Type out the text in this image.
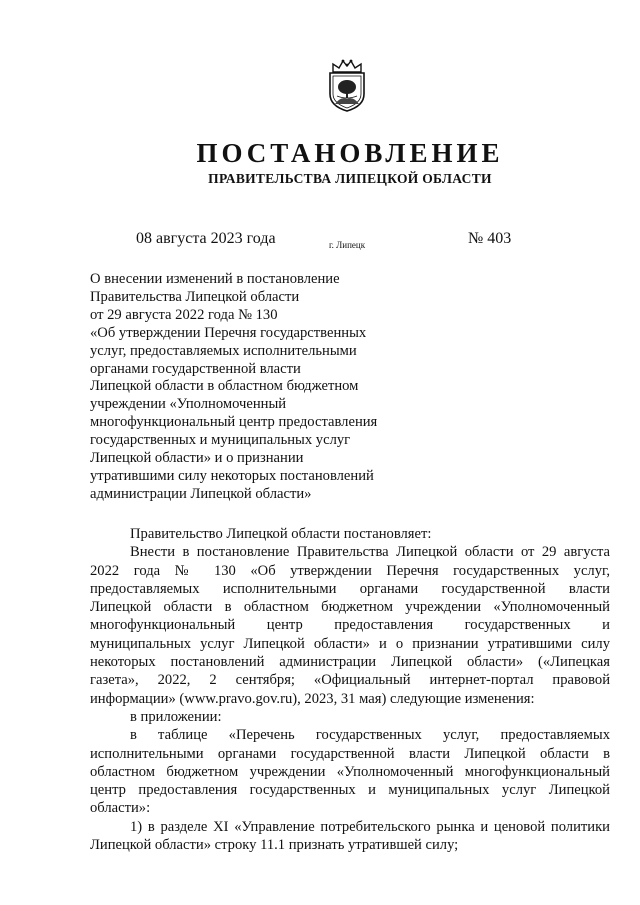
ПОСТАНОВЛЕНИЕ
ПРАВИТЕЛЬСТВА ЛИПЕЦКОЙ ОБЛАСТИ
08 августа 2023 года	г. Липецк	№ 403
О внесении изменений в постановление
Правительства Липецкой области
от 29 августа 2022 года № 130
«Об утверждении Перечня государственных
услуг, предоставляемых исполнительными
органами государственной власти
Липецкой области в областном бюджетном
учреждении «Уполномоченный
многофункциональный центр предоставления
государственных и муниципальных услуг
Липецкой области» и о признании
утратившими силу некоторых постановлений
администрации Липецкой области»
Правительство Липецкой области постановляет:
Внести в постановление Правительства Липецкой области от 29 августа
2022 года № 130 «Об утверждении Перечня государственных услуг,
предоставляемых исполнительными органами государственной власти
Липецкой области в областном бюджетном учреждении «Уполномоченный
многофункциональный центр предоставления государственных и
муниципальных услуг Липецкой области» и о признании утратившими силу
некоторых постановлений администрации Липецкой области» («Липецкая
газета», 2022, 2 сентября; «Официальный интернет-портал правовой
информации» (www.pravo.gov.ru), 2023, 31 мая) следующие изменения:
в приложении:
в таблице «Перечень государственных услуг, предоставляемых
исполнительными органами государственной власти Липецкой области в
областном бюджетном учреждении «Уполномоченный многофункциональный
центр предоставления государственных и муниципальных услуг Липецкой
области»:
1) в разделе XI «Управление потребительского рынка и ценовой политики
Липецкой области» строку 11.1 признать утратившей силу;
